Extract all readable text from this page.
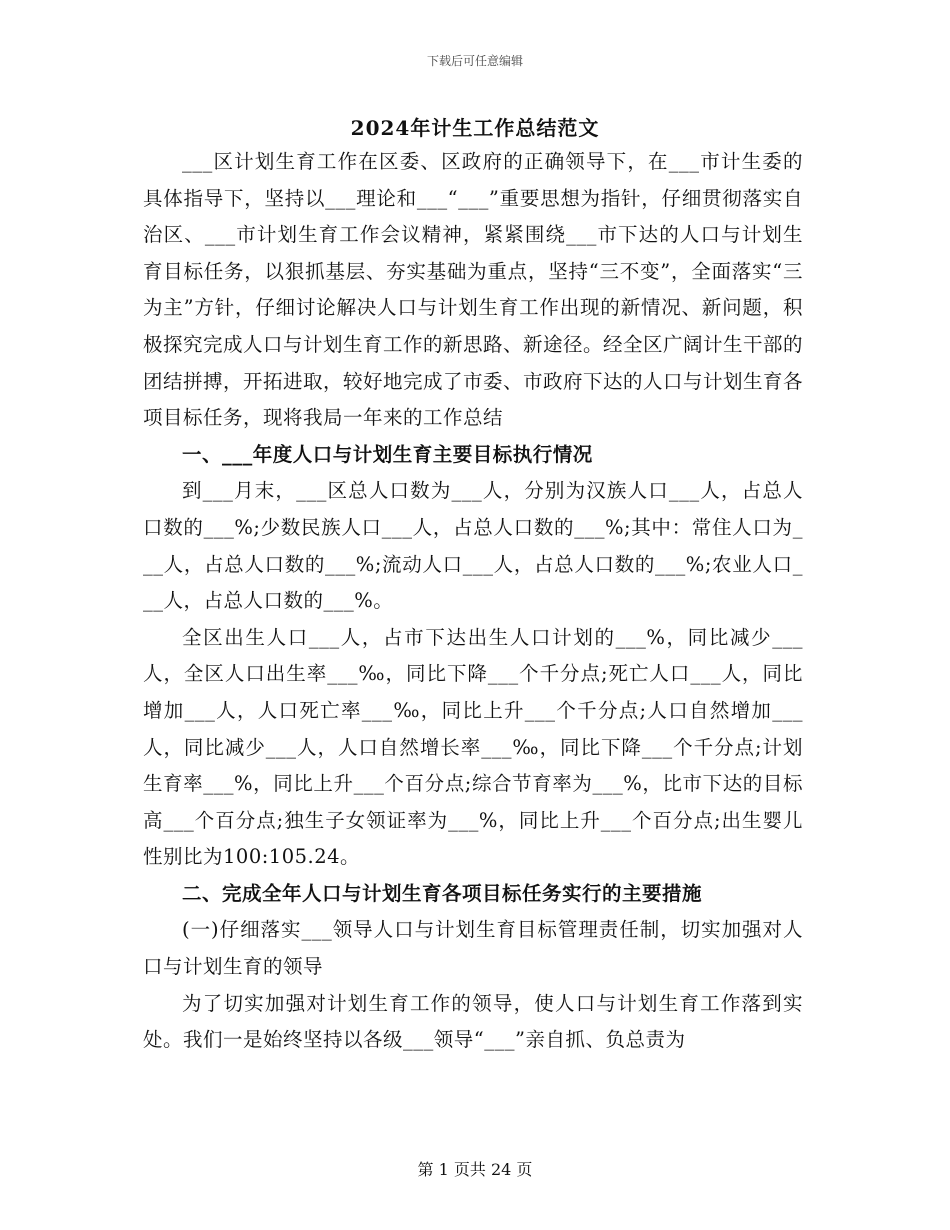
下载后可任意编辑
2024年计生工作总结范文

___区计划生育工作在区委、区政府的正确领导下，在___市计生委的具体指导下，坚持以___理论和___“___”重要思想为指针，仔细贯彻落实自治区、___市计划生育工作会议精神，紧紧围绕___市下达的人口与计划生育目标任务，以狠抓基层、夯实基础为重点，坚持“三不变”，全面落实“三为主”方针，仔细讨论解决人口与计划生育工作出现的新情况、新问题，积极探究完成人口与计划生育工作的新思路、新途径。经全区广阔计生干部的团结拼搏，开拓进取，较好地完成了市委、市政府下达的人口与计划生育各项目标任务，现将我局一年来的工作总结

一、___年度人口与计划生育主要目标执行情况

到___月末，___区总人口数为___人，分别为汉族人口___人，占总人口数的___%;少数民族人口___人，占总人口数的___%;其中：常住人口为___人，占总人口数的___%;流动人口___人，占总人口数的___%;农业人口___人，占总人口数的___%。

全区出生人口___人，占市下达出生人口计划的___%，同比减少___人，全区人口出生率___‰，同比下降___个千分点;死亡人口___人，同比增加___人，人口死亡率___‰，同比上升___个千分点;人口自然增加___人，同比减少___人，人口自然增长率___‰，同比下降___个千分点;计划生育率___%，同比上升___个百分点;综合节育率为___%，比市下达的目标高___个百分点;独生子女领证率为___%，同比上升___个百分点;出生婴儿性别比为100:105.24。

二、完成全年人口与计划生育各项目标任务实行的主要措施

(一)仔细落实___领导人口与计划生育目标管理责任制，切实加强对人口与计划生育的领导

为了切实加强对计划生育工作的领导，使人口与计划生育工作落到实处。我们一是始终坚持以各级___领导“___”亲自抓、负总责为

第 1 页共 24 页
